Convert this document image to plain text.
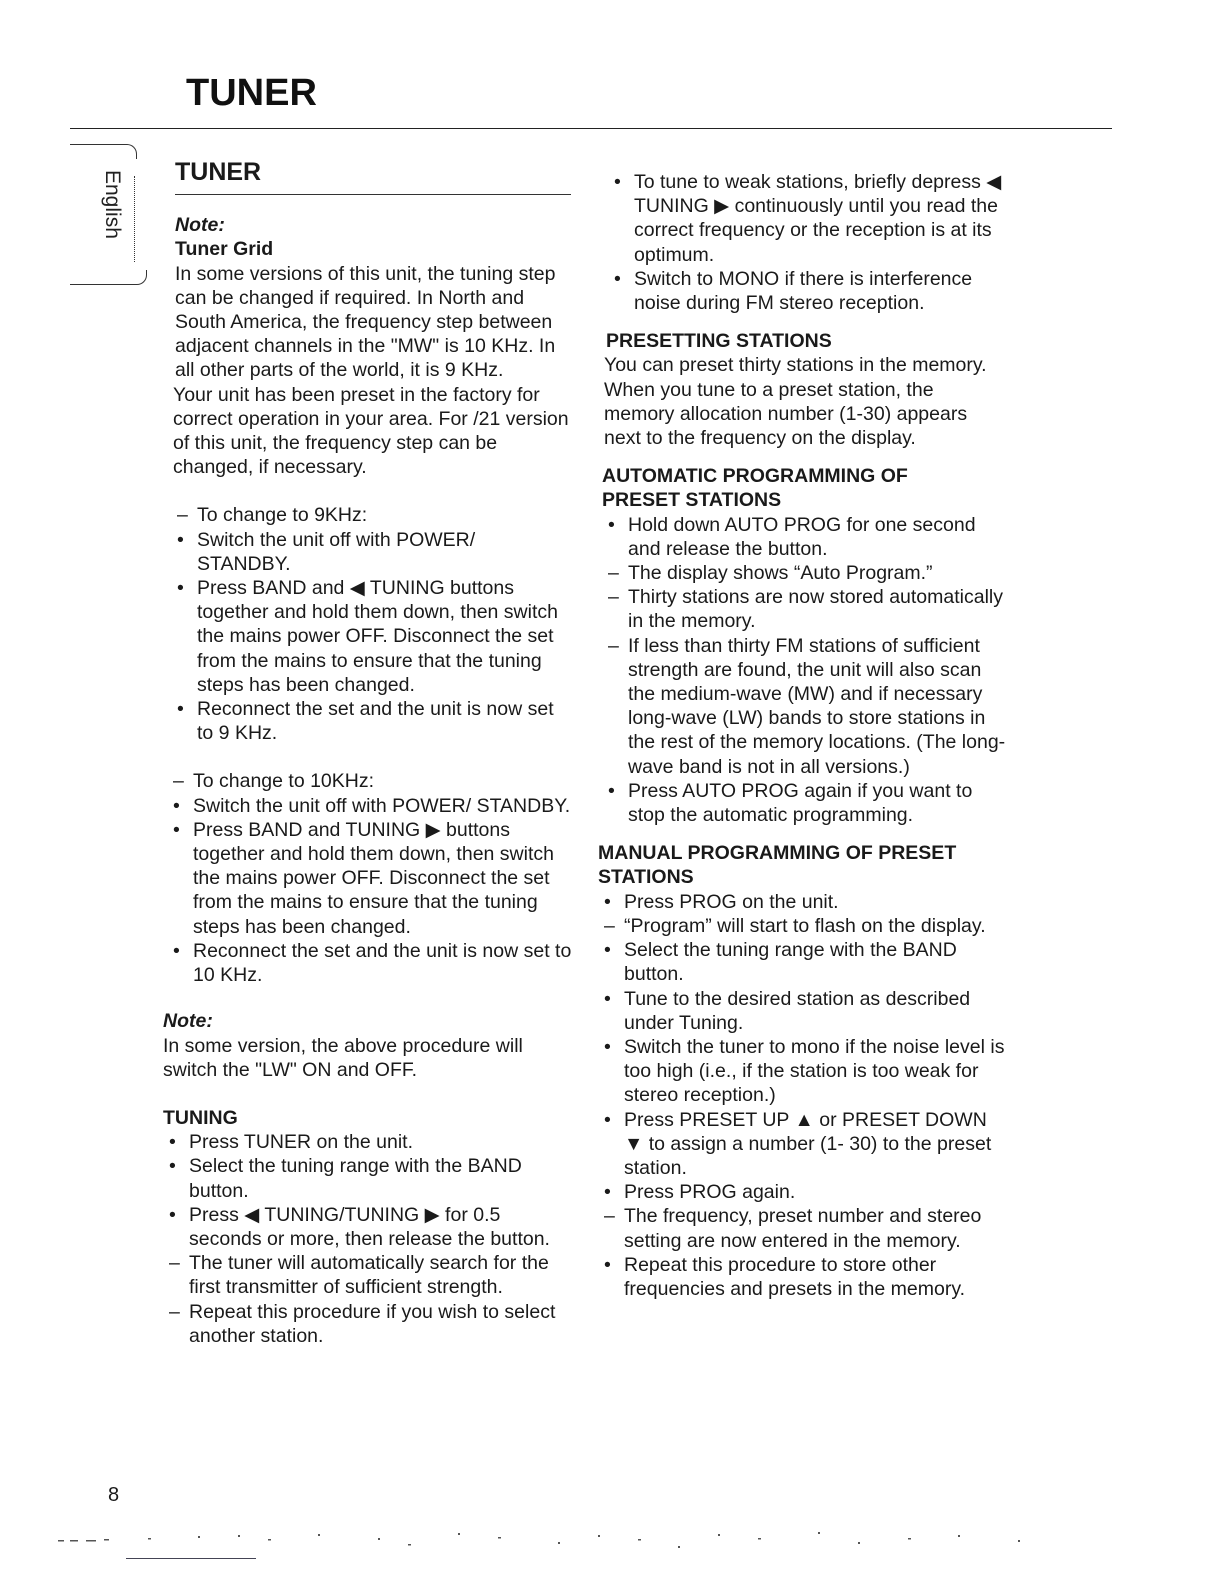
TUNER
English TUNER
Note:
Tuner Grid

In some versions of this unit, the tuning step can be changed if required. In North and South America, the frequency step between adjacent channels in the "MW" is 10 KHz. In all other parts of the world, it is 9 KHz.

Your unit has been preset in the factory for correct operation in your area. For /21 version of this unit, the frequency step can be changed, if necessary.

– To change to 9KHz:
• Switch the unit off with POWER/ STANDBY.
• Press BAND and ◀ TUNING buttons together and hold them down, then switch the mains power OFF. Disconnect the set from the mains to ensure that the tuning steps has been changed.
• Reconnect the set and the unit is now set to 9 KHz.
– To change to 10KHz:
• Switch the unit off with POWER/ STANDBY.
• Press BAND and TUNING ▶ buttons together and hold them down, then switch the mains power OFF. Disconnect the set from the mains to ensure that the tuning steps has been changed.
• Reconnect the set and the unit is now set to 10 KHz.
Note:

In some version, the above procedure will switch the "LW" ON and OFF.

TUNING
• Press TUNER on the unit.
• Select the tuning range with the BAND button.
• Press ◀ TUNING/TUNING ▶ for 0.5 seconds or more, then release the button.
– The tuner will automatically search for the first transmitter of sufficient strength.
– Repeat this procedure if you wish to select another station.
• To tune to weak stations, briefly depress ◀ TUNING ▶ continuously until you read the correct frequency or the reception is at its optimum.
• Switch to MONO if there is interference noise during FM stereo reception.
PRESETTING STATIONS

You can preset thirty stations in the memory. When you tune to a preset station, the memory allocation number (1-30) appears next to the frequency on the display.

AUTOMATIC PROGRAMMING OF PRESET STATIONS
• Hold down AUTO PROG for one second and release the button.
– The display shows “Auto Program.”
– Thirty stations are now stored automatically in the memory.
– If less than thirty FM stations of sufficient strength are found, the unit will also scan the medium-wave (MW) and if necessary long-wave (LW) bands to store stations in the rest of the memory locations. (The long-wave band is not in all versions.)
• Press AUTO PROG again if you want to stop the automatic programming.
MANUAL PROGRAMMING OF PRESET STATIONS
• Press PROG on the unit.
– “Program” will start to flash on the display.
• Select the tuning range with the BAND button.
• Tune to the desired station as described under Tuning.
• Switch the tuner to mono if the noise level is too high (i.e., if the station is too weak for stereo reception.)
• Press PRESET UP ▲ or PRESET DOWN ▼ to assign a number (1- 30) to the preset station.
• Press PROG again.
– The frequency, preset number and stereo setting are now entered in the memory.
• Repeat this procedure to store other frequencies and presets in the memory.
8
